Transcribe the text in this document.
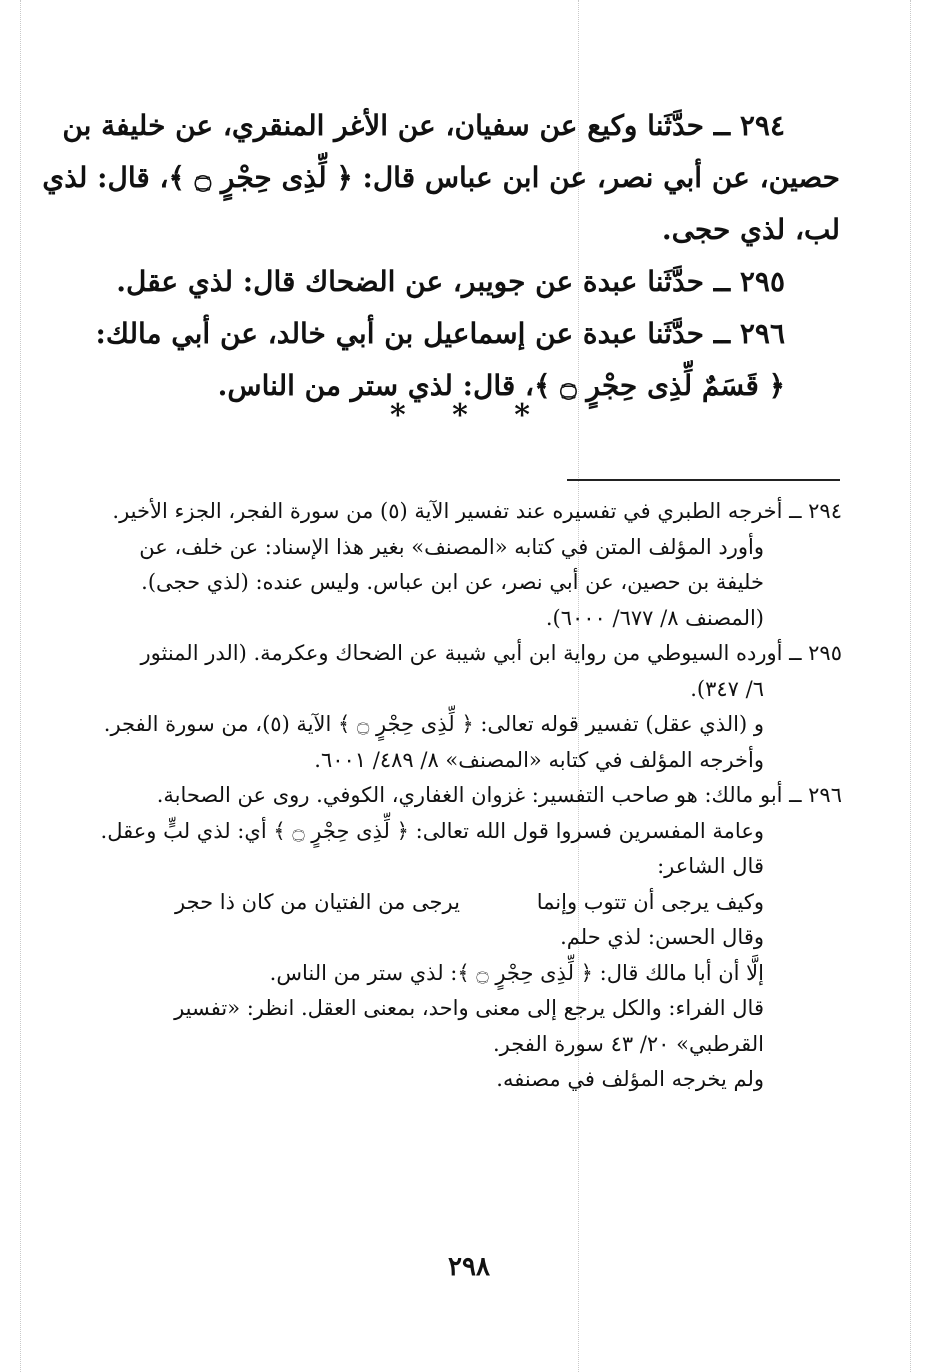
٢٩٤ ــ حدَّثَنا وكيع عن سفيان، عن الأغر المنقري، عن خليفة بن
حصين، عن أبي نصر، عن ابن عباس قال: ﴿ لِّذِى حِجْرٍ ۝ ﴾، قال: لذي
لب، لذي حجى.
٢٩٥ ــ حدَّثَنا عبدة عن جويبر، عن الضحاك قال: لذي عقل.
٢٩٦ ــ حدَّثَنا عبدة عن إسماعيل بن أبي خالد، عن أبي مالك:
﴿ قَسَمٌ لِّذِى حِجْرٍ ۝ ﴾، قال: لذي ستر من الناس.
* * *
٢٩٤ ــ أخرجه الطبري في تفسيره عند تفسير الآية (٥) من سورة الفجر، الجزء الأخير.
وأورد المؤلف المتن في كتابه «المصنف» بغير هذا الإسناد: عن خلف، عن
خليفة بن حصين، عن أبي نصر، عن ابن عباس. وليس عنده: (لذي حجى).
(المصنف ٨/ ٦٧٧/ ٦٠٠٠).
٢٩٥ ــ أورده السيوطي من رواية ابن أبي شيبة عن الضحاك وعكرمة. (الدر المنثور
٦/ ٣٤٧).
و (الذي عقل) تفسير قوله تعالى: ﴿ لِّذِى حِجْرٍ ۝ ﴾ الآية (٥)، من سورة الفجر.
وأخرجه المؤلف في كتابه «المصنف» ٨/ ٤٨٩/ ٦٠٠١.
٢٩٦ ــ أبو مالك: هو صاحب التفسير: غزوان الغفاري، الكوفي. روى عن الصحابة.
وعامة المفسرين فسروا قول الله تعالى: ﴿ لِّذِى حِجْرٍ ۝ ﴾ أي: لذي لبٍّ وعقل.
قال الشاعر:
وكيف يرجى أن تتوب وإنما
يرجى من الفتيان من كان ذا حجر
وقال الحسن: لذي حلم.
إلَّا أن أبا مالك قال: ﴿ لِّذِى حِجْرٍ ۝ ﴾: لذي ستر من الناس.
قال الفراء: والكل يرجع إلى معنى واحد، بمعنى العقل. انظر: «تفسير
القرطبي» ٢٠/ ٤٣ سورة الفجر.
ولم يخرجه المؤلف في مصنفه.
٢٩٨
